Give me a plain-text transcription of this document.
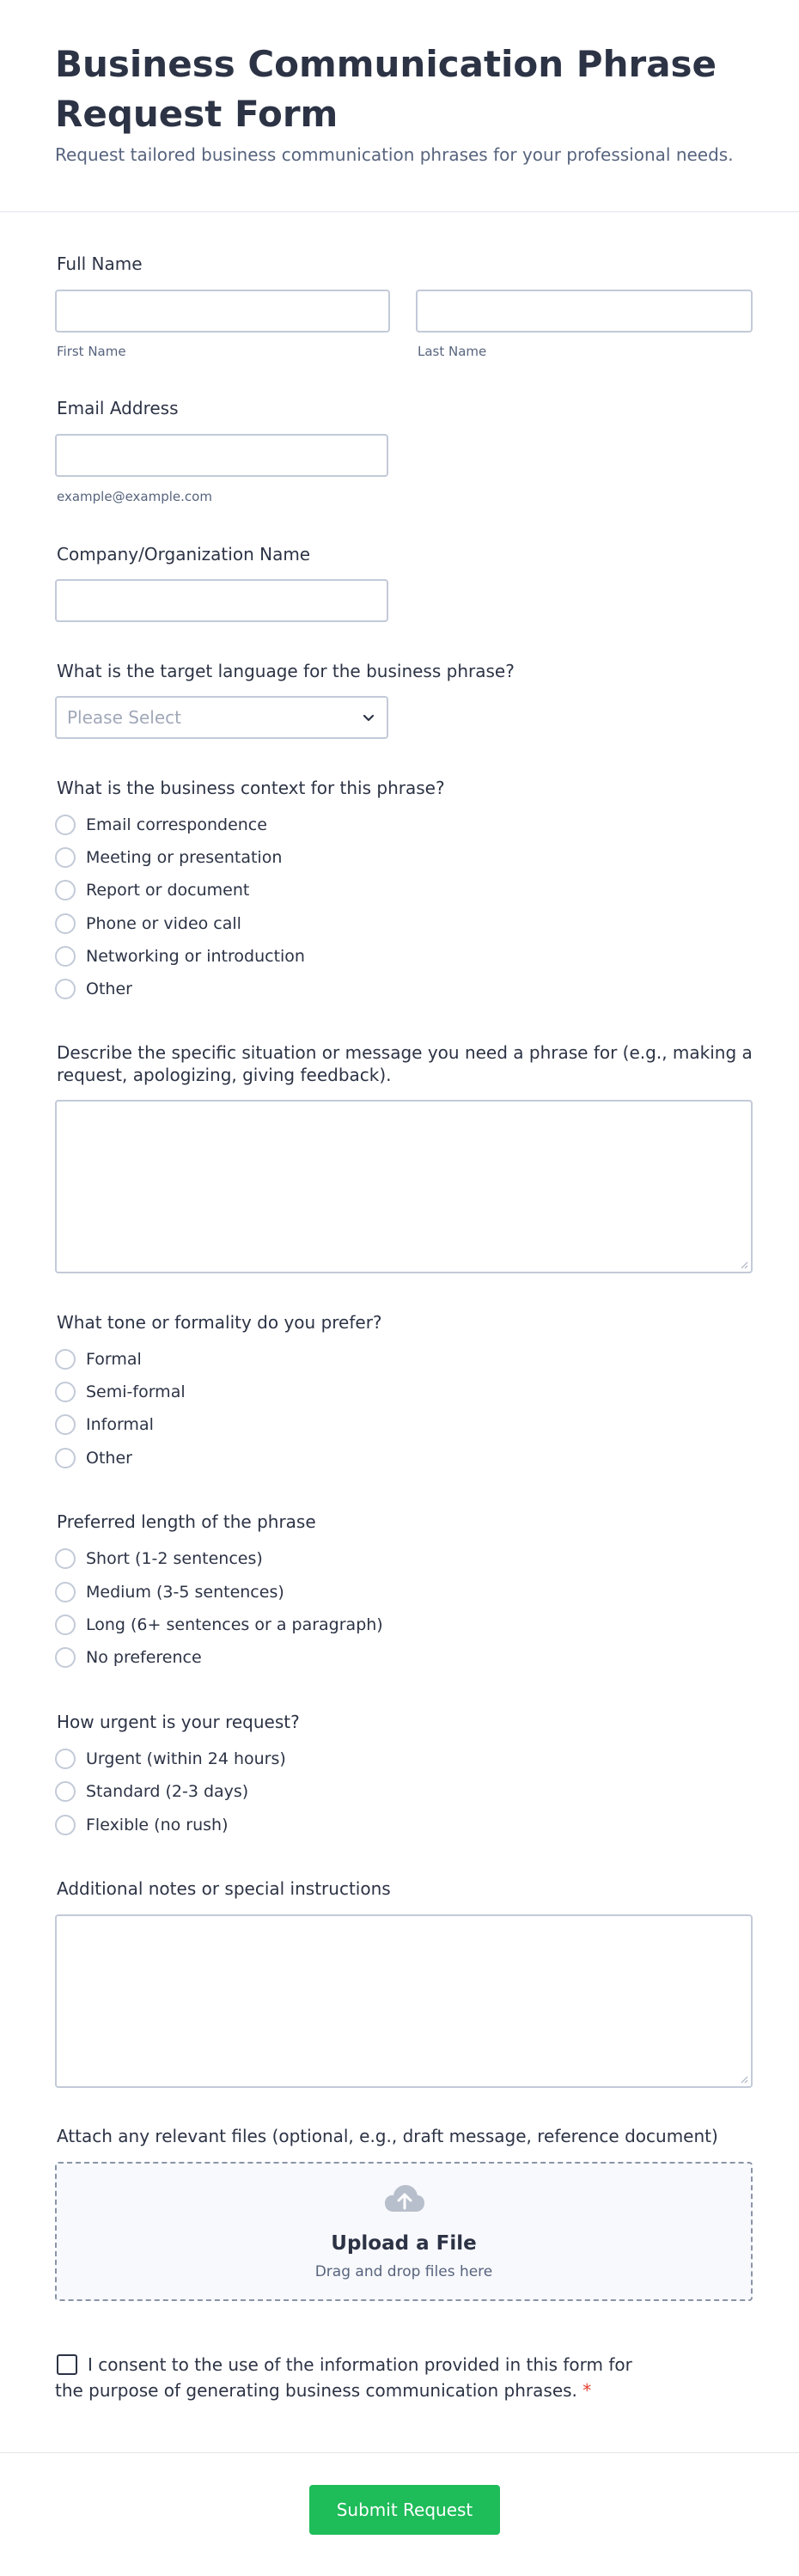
Business Communication Phrase Request Form
Request tailored business communication phrases for your professional needs.
Full Name
First Name	Last Name
Email Address
example@example.com
Company/Organization Name
What is the target language for the business phrase?
Please Select
What is the business context for this phrase?
Email correspondence
Meeting or presentation
Report or document
Phone or video call
Networking or introduction
Other
Describe the specific situation or message you need a phrase for (e.g., making a request, apologizing, giving feedback).
What tone or formality do you prefer?
Formal
Semi-formal
Informal
Other
Preferred length of the phrase
Short (1-2 sentences)
Medium (3-5 sentences)
Long (6+ sentences or a paragraph)
No preference
How urgent is your request?
Urgent (within 24 hours)
Standard (2-3 days)
Flexible (no rush)
Additional notes or special instructions
Attach any relevant files (optional, e.g., draft message, reference document)
Upload a File
Drag and drop files here
I consent to the use of the information provided in this form for the purpose of generating business communication phrases. *
Submit Request
